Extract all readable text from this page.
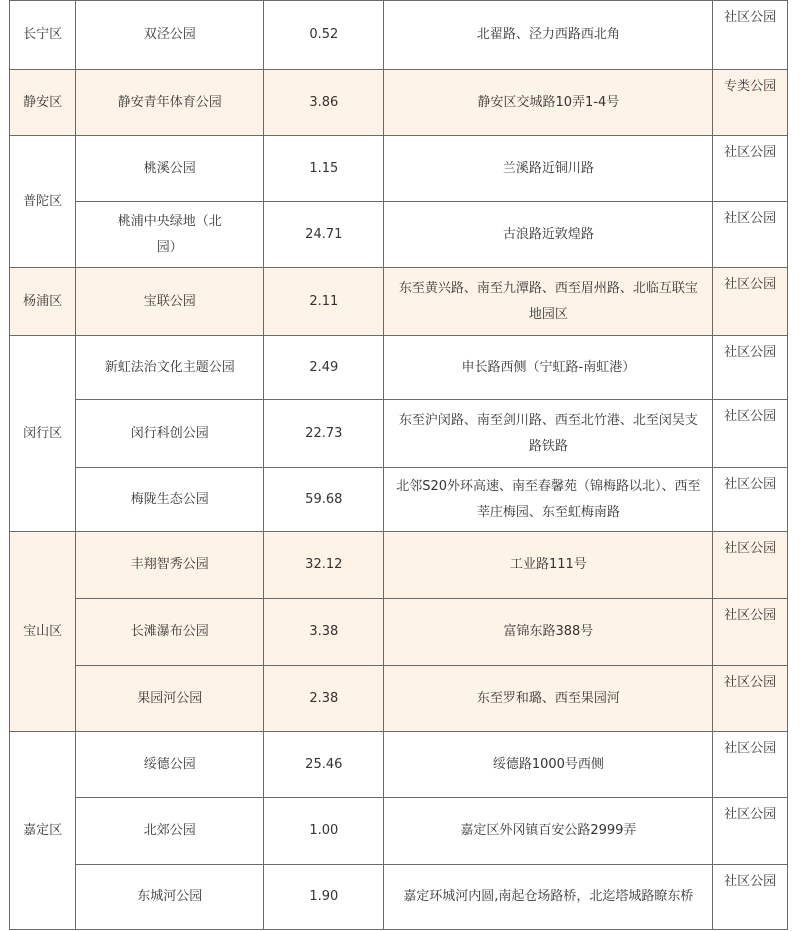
长宁区	双泾公园	0.52	北翟路、泾力西路西北角	社区公园
静安区	静安青年体育公园	3.86	静安区交城路10弄1-4号	专类公园
普陀区	桃溪公园	1.15	兰溪路近铜川路	社区公园
	桃浦中央绿地（北园）	24.71	古浪路近敦煌路	社区公园
杨浦区	宝联公园	2.11	东至黄兴路、南至九潭路、西至眉州路、北临互联宝地园区	社区公园
闵行区	新虹法治文化主题公园	2.49	申长路西侧（宁虹路-南虹港）	社区公园
	闵行科创公园	22.73	东至沪闵路、南至剑川路、西至北竹港、北至闵吴支路铁路	社区公园
	梅陇生态公园	59.68	北邻S20外环高速、南至春馨苑（锦梅路以北）、西至莘庄梅园、东至虹梅南路	社区公园
宝山区	丰翔智秀公园	32.12	工业路111号	社区公园
	长滩瀑布公园	3.38	富锦东路388号	社区公园
	果园河公园	2.38	东至罗和璐、西至果园河	社区公园
嘉定区	绥德公园	25.46	绥德路1000号西侧	社区公园
	北郊公园	1.00	嘉定区外冈镇百安公路2999弄	社区公园
	东城河公园	1.90	嘉定环城河内圆,南起仓场路桥，北迄塔城路瞭东桥	社区公园
